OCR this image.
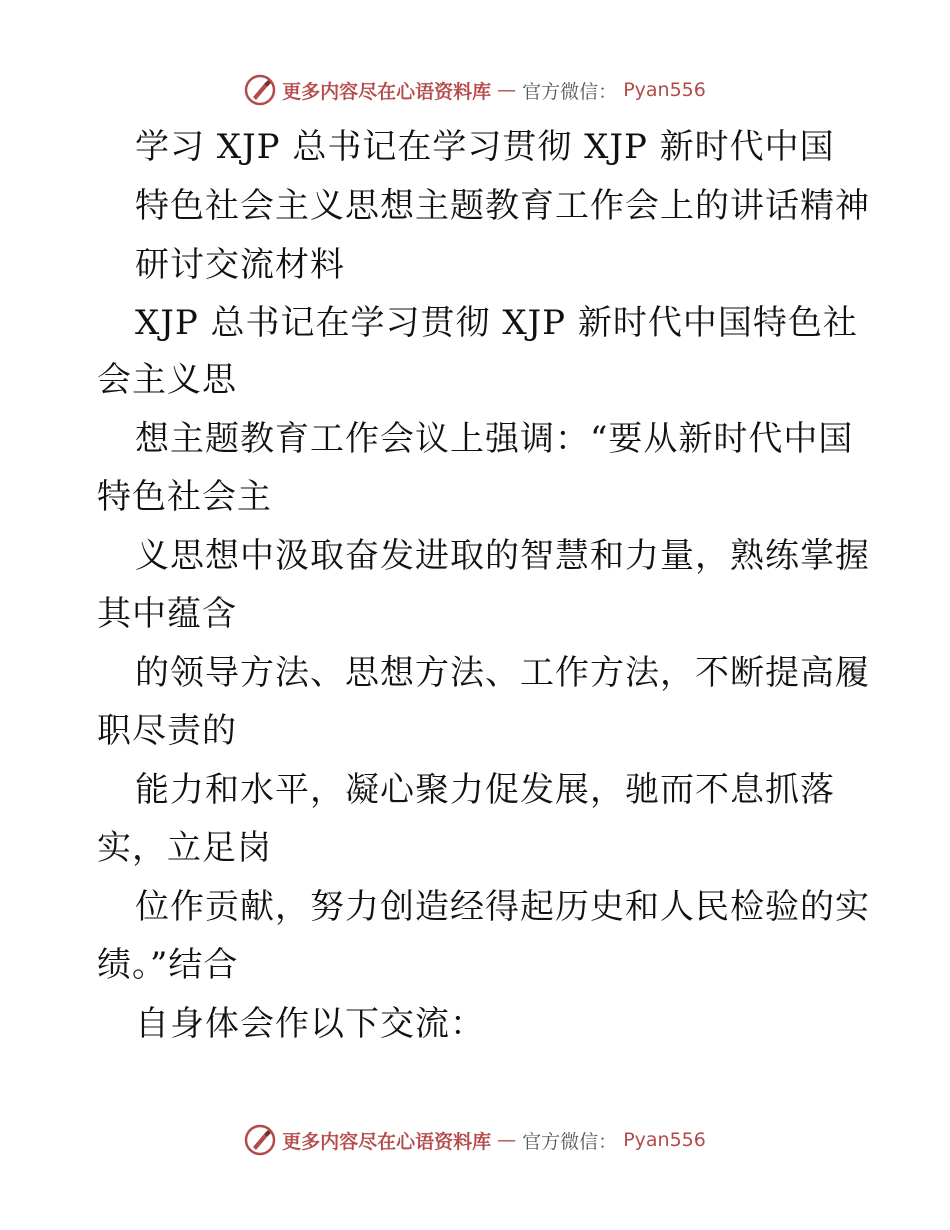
更多内容尽在心语资料库 — 官方微信： Pyan556
学习 XJP 总书记在学习贯彻 XJP 新时代中国
特色社会主义思想主题教育工作会上的讲话精神
研讨交流材料
XJP 总书记在学习贯彻 XJP 新时代中国特色社
会主义思
想主题教育工作会议上强调：“要从新时代中国
特色社会主
义思想中汲取奋发进取的智慧和力量，熟练掌握
其中蕴含
的领导方法、思想方法、工作方法，不断提高履
职尽责的
能力和水平，凝心聚力促发展，驰而不息抓落
实，立足岗
位作贡献，努力创造经得起历史和人民检验的实
绩。”结合
自身体会作以下交流：
更多内容尽在心语资料库 — 官方微信： Pyan556
